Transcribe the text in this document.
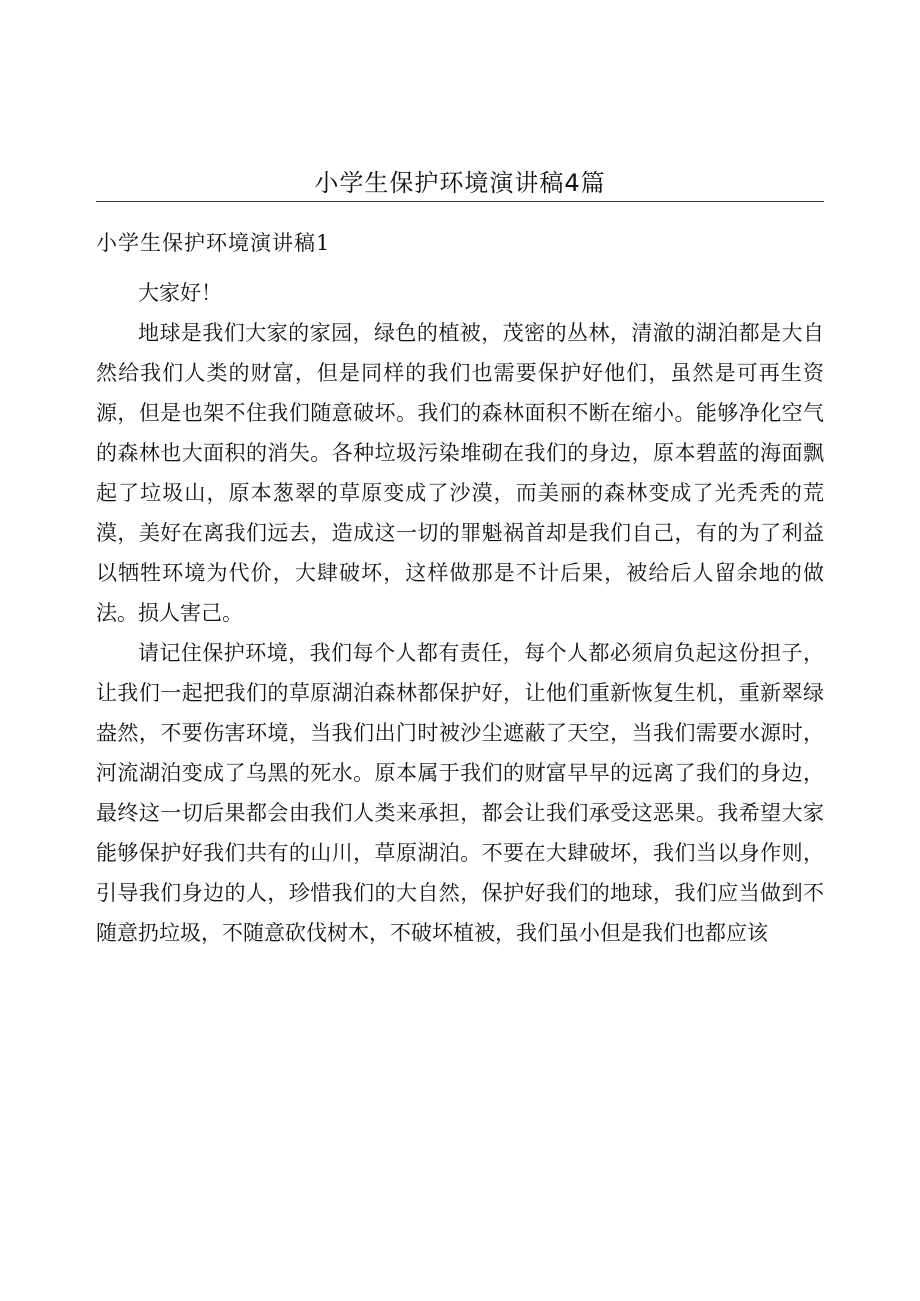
小学生保护环境演讲稿4篇
小学生保护环境演讲稿1

大家好！

地球是我们大家的家园，绿色的植被，茂密的丛林，清澈的湖泊都是大自然给我们人类的财富，但是同样的我们也需要保护好他们，虽然是可再生资源，但是也架不住我们随意破坏。我们的森林面积不断在缩小。能够净化空气的森林也大面积的消失。各种垃圾污染堆砌在我们的身边，原本碧蓝的海面飘起了垃圾山，原本葱翠的草原变成了沙漠，而美丽的森林变成了光秃秃的荒漠，美好在离我们远去，造成这一切的罪魁祸首却是我们自己，有的为了利益以牺牲环境为代价，大肆破坏，这样做那是不计后果，被给后人留余地的做法。损人害己。

请记住保护环境，我们每个人都有责任，每个人都必须肩负起这份担子，让我们一起把我们的草原湖泊森林都保护好，让他们重新恢复生机，重新翠绿盎然，不要伤害环境，当我们出门时被沙尘遮蔽了天空，当我们需要水源时，河流湖泊变成了乌黑的死水。原本属于我们的财富早早的远离了我们的身边，最终这一切后果都会由我们人类来承担，都会让我们承受这恶果。我希望大家能够保护好我们共有的山川，草原湖泊。不要在大肆破坏，我们当以身作则，引导我们身边的人，珍惜我们的大自然，保护好我们的地球，我们应当做到不随意扔垃圾，不随意砍伐树木，不破坏植被，我们虽小但是我们也都应该
